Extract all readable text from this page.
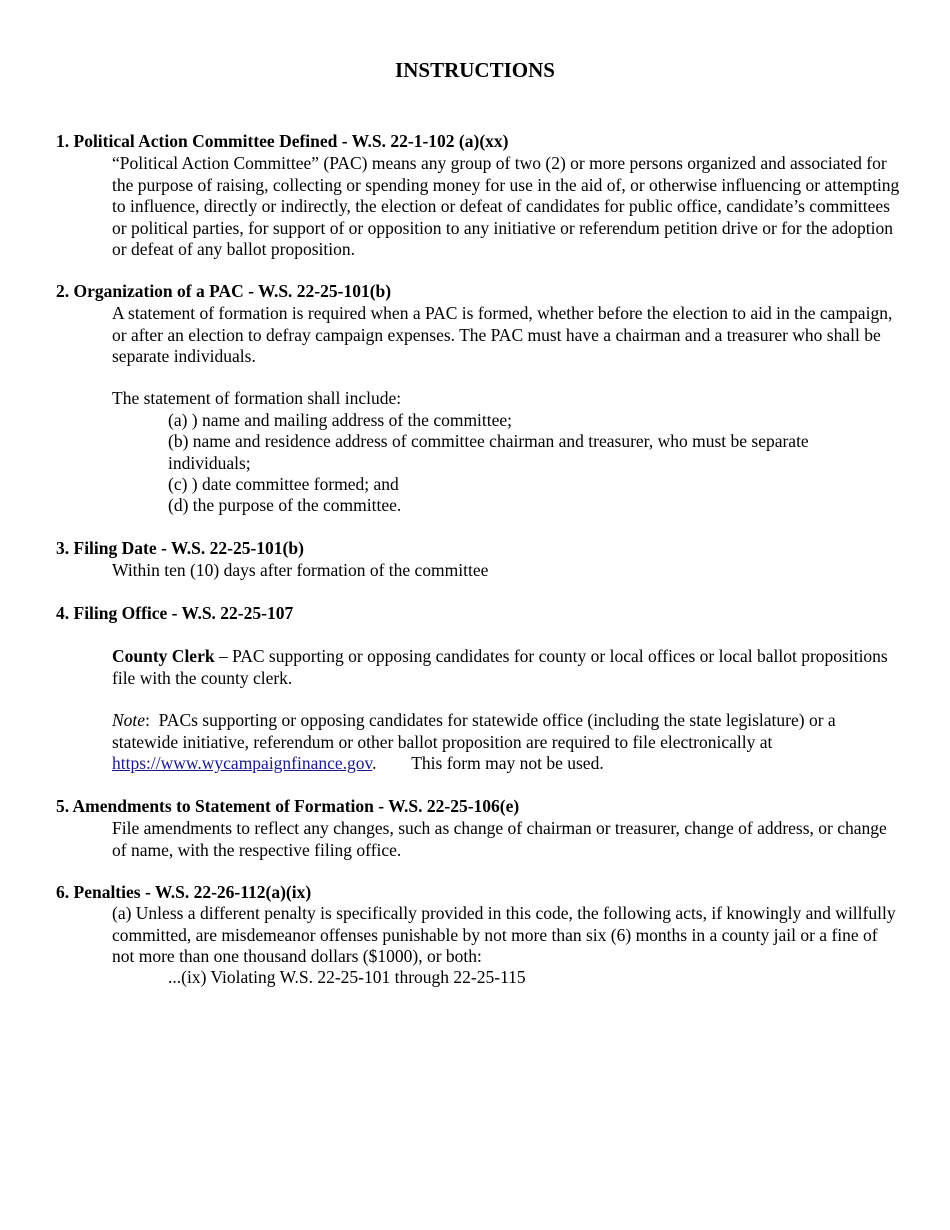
INSTRUCTIONS
1. Political Action Committee Defined - W.S. 22-1-102 (a)(xx)
“Political Action Committee” (PAC) means any group of two (2) or more persons organized and associated for the purpose of raising, collecting or spending money for use in the aid of, or otherwise influencing or attempting to influence, directly or indirectly, the election or defeat of candidates for public office, candidate’s committees or political parties, for support of or opposition to any initiative or referendum petition drive or for the adoption or defeat of any ballot proposition.
2. Organization of a PAC - W.S. 22-25-101(b)
A statement of formation is required when a PAC is formed, whether before the election to aid in the campaign, or after an election to defray campaign expenses. The PAC must have a chairman and a treasurer who shall be separate individuals.
The statement of formation shall include:
(a) ) name and mailing address of the committee;
(b) name and residence address of committee chairman and treasurer, who must be separate individuals;
(c) ) date committee formed; and
(d) the purpose of the committee.
3. Filing Date - W.S. 22-25-101(b)
Within ten (10) days after formation of the committee
4. Filing Office - W.S. 22-25-107
County Clerk – PAC supporting or opposing candidates for county or local offices or local ballot propositions file with the county clerk.
Note:  PACs supporting or opposing candidates for statewide office (including the state legislature) or a statewide initiative, referendum or other ballot proposition are required to file electronically at https://www.wycampaignfinance.gov.        This form may not be used.
5. Amendments to Statement of Formation - W.S. 22-25-106(e)
File amendments to reflect any changes, such as change of chairman or treasurer, change of address, or change of name, with the respective filing office.
6. Penalties - W.S. 22-26-112(a)(ix)
(a) Unless a different penalty is specifically provided in this code, the following acts, if knowingly and willfully committed, are misdemeanor offenses punishable by not more than six (6) months in a county jail or a fine of not more than one thousand dollars ($1000), or both:
...(ix) Violating W.S. 22-25-101 through 22-25-115
